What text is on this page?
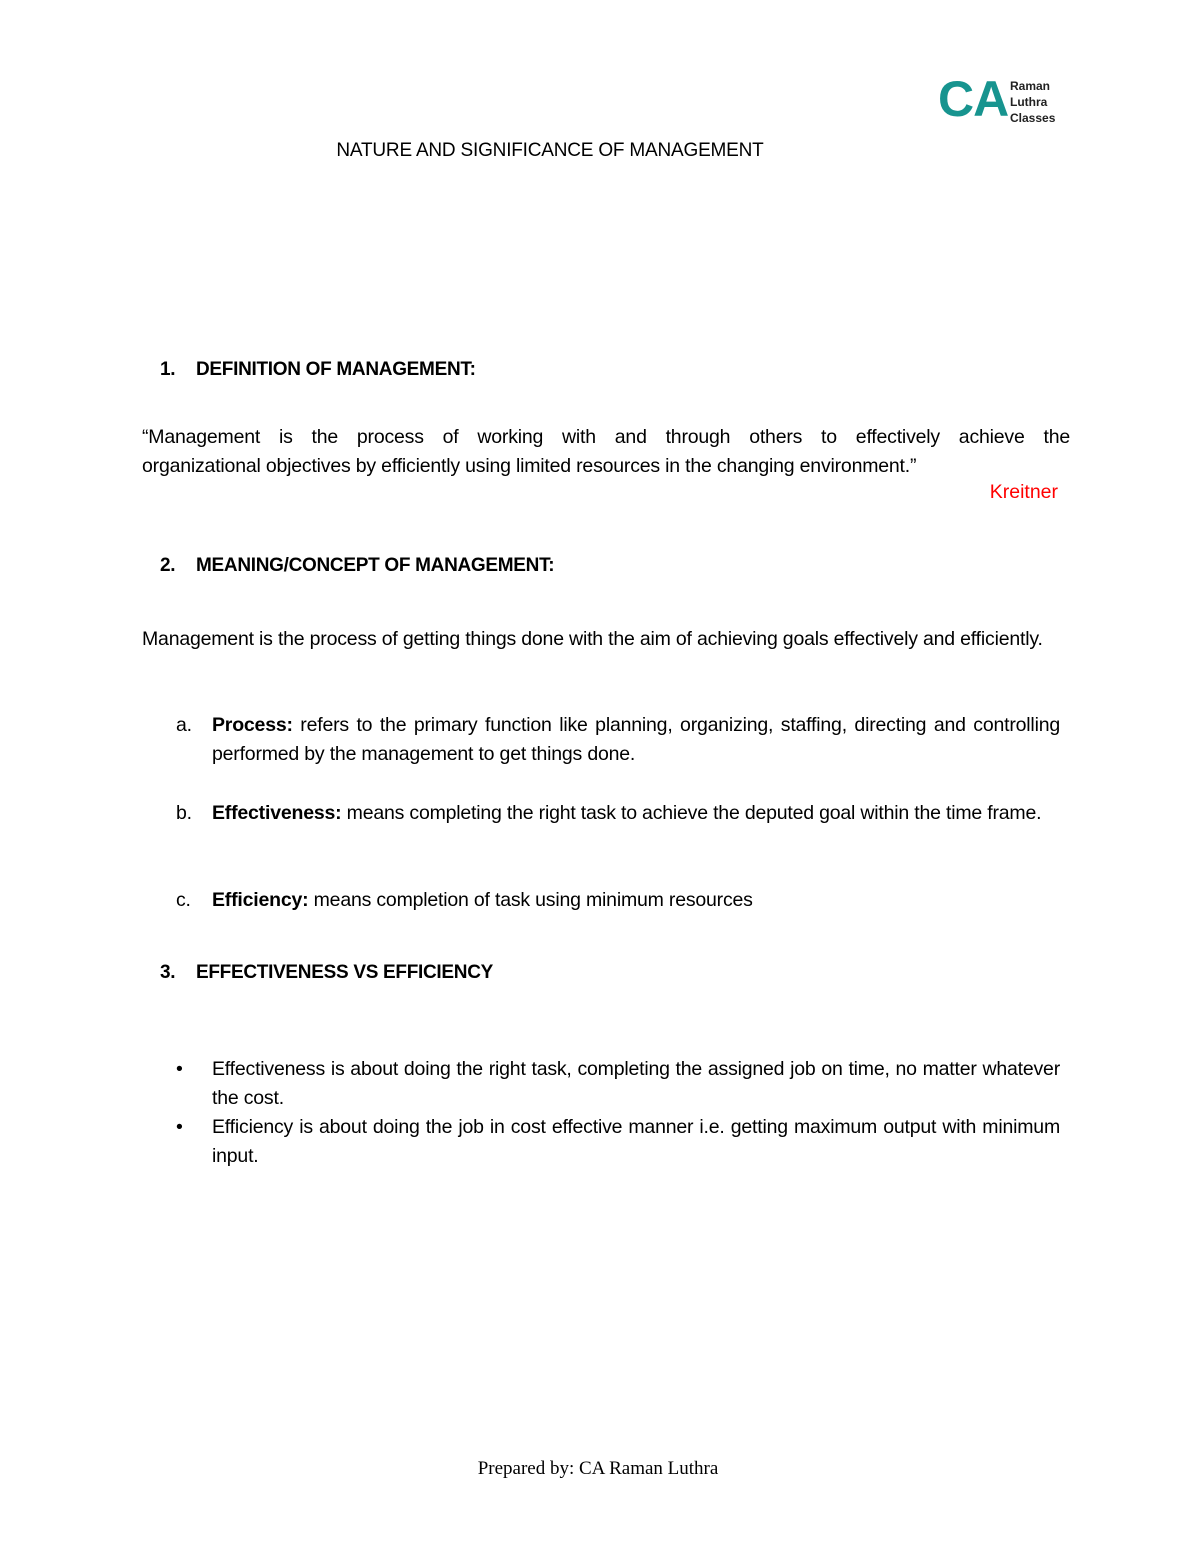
CA Raman
Luthra
Classes
NATURE AND SIGNIFICANCE OF MANAGEMENT
1. DEFINITION OF MANAGEMENT:
“Management is the process of working with and through others to effectively achieve the
organizational objectives by efficiently using limited resources in the changing environment.”
Kreitner
2. MEANING/CONCEPT OF MANAGEMENT:
Management is the process of getting things done with the aim of achieving goals effectively and efficiently.
a.	Process: refers to the primary function like planning, organizing, staffing, directing and controlling performed by the management to get things done.
b.	Effectiveness: means completing the right task to achieve the deputed goal within the time frame.
c.	Efficiency: means completion of task using minimum resources
3. EFFECTIVENESS VS EFFICIENCY
•	Effectiveness is about doing the right task, completing the assigned job on time, no matter whatever the cost.
•	Efficiency is about doing the job in cost effective manner i.e. getting maximum output with minimum input.
Prepared by: CA Raman Luthra
